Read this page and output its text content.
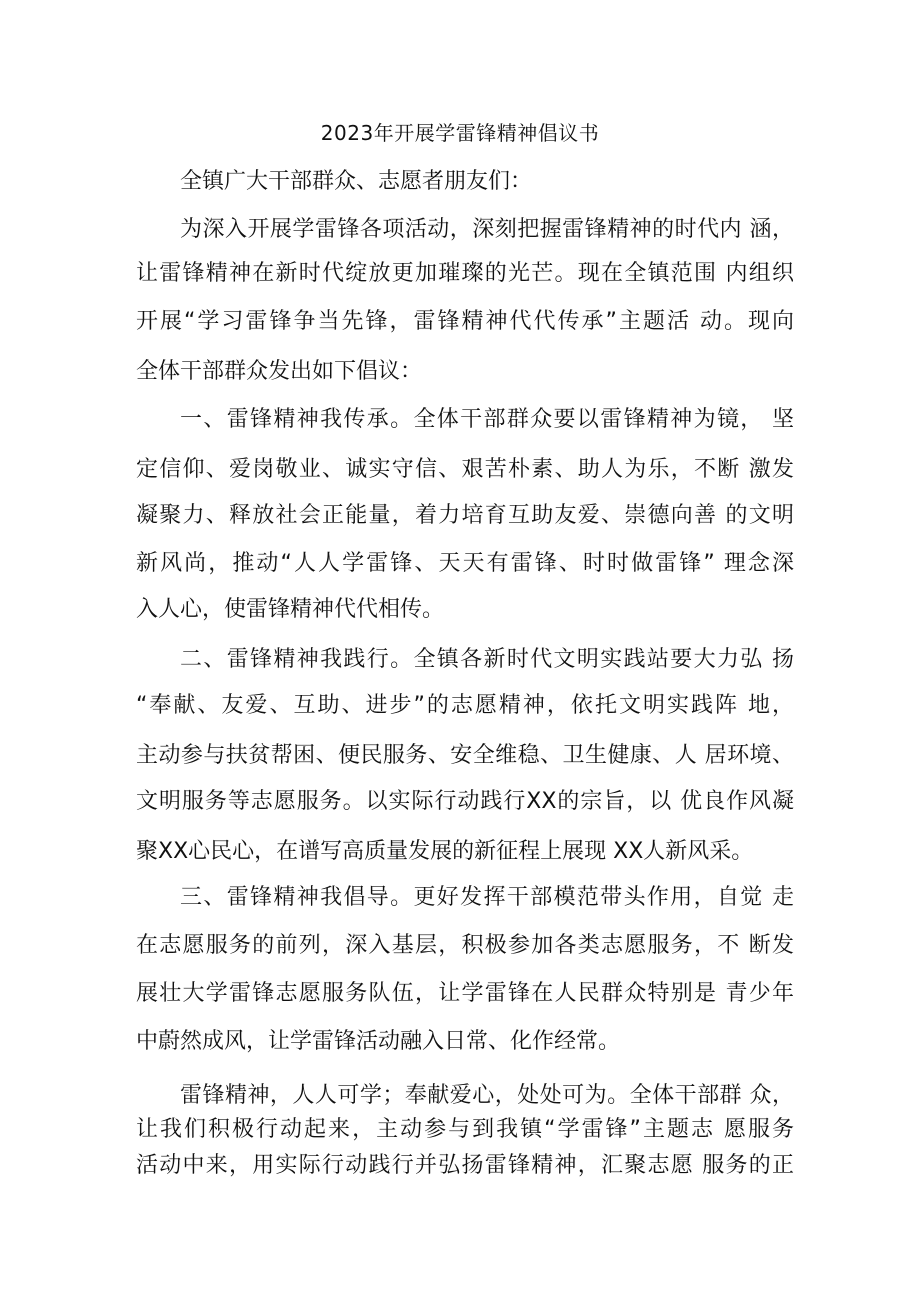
2023年开展学雷锋精神倡议书
全镇广大干部群众、志愿者朋友们：
为深入开展学雷锋各项活动，深刻把握雷锋精神的时代内 涵，
让雷锋精神在新时代绽放更加璀璨的光芒。现在全镇范围 内组织
开展“学习雷锋争当先锋，雷锋精神代代传承”主题活 动。现向
全体干部群众发出如下倡议：
一、雷锋精神我传承。全体干部群众要以雷锋精神为镜， 坚
定信仰、爱岗敬业、诚实守信、艰苦朴素、助人为乐，不断 激发
凝聚力、释放社会正能量，着力培育互助友爱、崇德向善 的文明
新风尚，推动“人人学雷锋、天天有雷锋、时时做雷锋” 理念深
入人心，使雷锋精神代代相传。
二、雷锋精神我践行。全镇各新时代文明实践站要大力弘 扬
“奉献、友爱、互助、进步”的志愿精神，依托文明实践阵 地，
主动参与扶贫帮困、便民服务、安全维稳、卫生健康、人 居环境、
文明服务等志愿服务。以实际行动践行XX的宗旨，以 优良作风凝
聚XX心民心，在谱写高质量发展的新征程上展现 XX人新风采。
三、雷锋精神我倡导。更好发挥干部模范带头作用，自觉 走
在志愿服务的前列，深入基层，积极参加各类志愿服务，不 断发
展壮大学雷锋志愿服务队伍，让学雷锋在人民群众特别是 青少年
中蔚然成风，让学雷锋活动融入日常、化作经常。
雷锋精神，人人可学；奉献爱心，处处可为。全体干部群 众，
让我们积极行动起来，主动参与到我镇“学雷锋”主题志 愿服务
活动中来，用实际行动践行并弘扬雷锋精神，汇聚志愿 服务的正
